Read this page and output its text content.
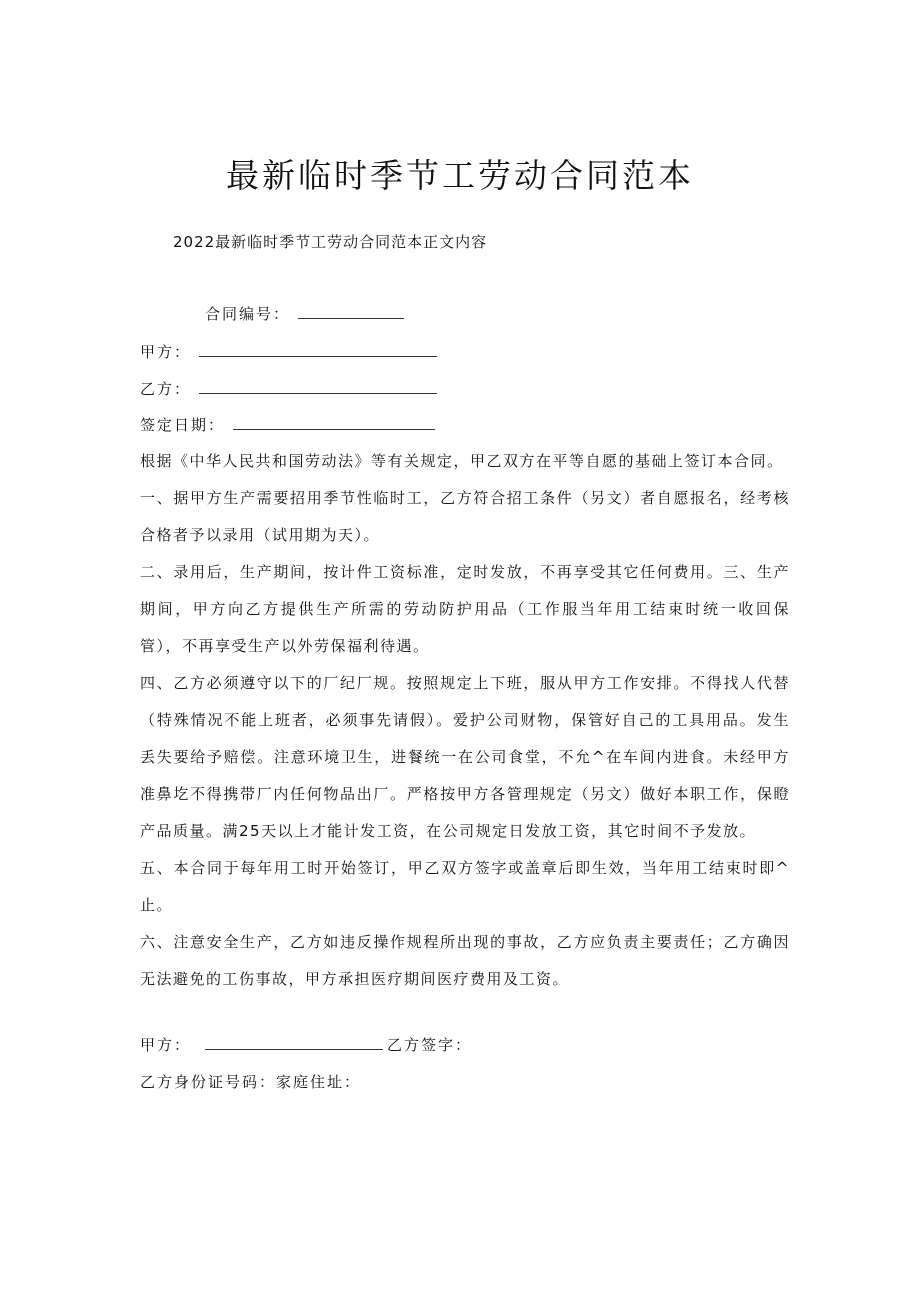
最新临时季节工劳动合同范本
2022最新临时季节工劳动合同范本正文内容
合同编号：
甲方：
乙方：
签定日期：
根据《中华人民共和国劳动法》等有关规定，甲乙双方在平等自愿的基础上签订本合同。
一、据甲方生产需要招用季节性临时工，乙方符合招工条件（另文）者自愿报名，经考核合格者予以录用（试用期为天）。
二、录用后，生产期间，按计件工资标准，定时发放，不再享受其它任何费用。三、生产期间，甲方向乙方提供生产所需的劳动防护用品（工作服当年用工结束时统一收回保管），不再享受生产以外劳保福利待遇。
四、乙方必须遵守以下的厂纪厂规。按照规定上下班，服从甲方工作安排。不得找人代替（特殊情况不能上班者，必须事先请假）。爱护公司财物，保管好自己的工具用品。发生丢失要给予赔偿。注意环境卫生，进餐统一在公司食堂，不允^在车间内进食。未经甲方准鼻圪不得携带厂内任何物品出厂。严格按甲方各管理规定（另文）做好本职工作，保瞪产品质量。满25天以上才能计发工资，在公司规定日发放工资，其它时间不予发放。
五、本合同于每年用工时开始签订，甲乙双方签字或盖章后即生效，当年用工结束时即^止。
六、注意安全生产，乙方如违反操作规程所出现的事故，乙方应负责主要责任；乙方确因无法避免的工伤事故，甲方承担医疗期间医疗费用及工资。
甲方：	乙方签字：
乙方身份证号码：家庭住址：
